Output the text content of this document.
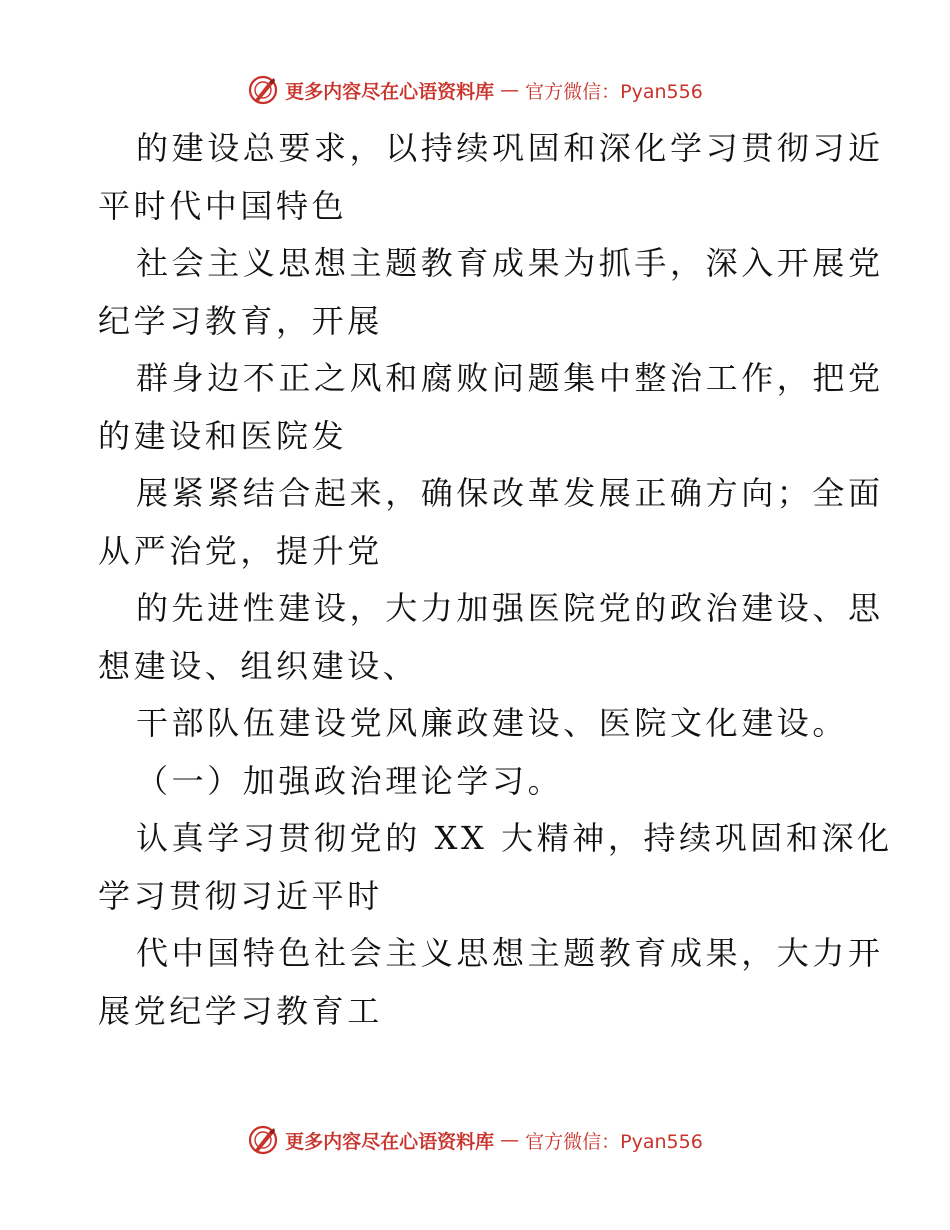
更多内容尽在心语资料库 — 官方微信：Pyan556
的建设总要求，以持续巩固和深化学习贯彻习近
平时代中国特色
社会主义思想主题教育成果为抓手，深入开展党
纪学习教育，开展
群身边不正之风和腐败问题集中整治工作，把党
的建设和医院发
展紧紧结合起来，确保改革发展正确方向；全面
从严治党，提升党
的先进性建设，大力加强医院党的政治建设、思
想建设、组织建设、
干部队伍建设党风廉政建设、医院文化建设。
（一）加强政治理论学习。
认真学习贯彻党的 XX 大精神，持续巩固和深化
学习贯彻习近平时
代中国特色社会主义思想主题教育成果，大力开
展党纪学习教育工
更多内容尽在心语资料库 — 官方微信：Pyan556
